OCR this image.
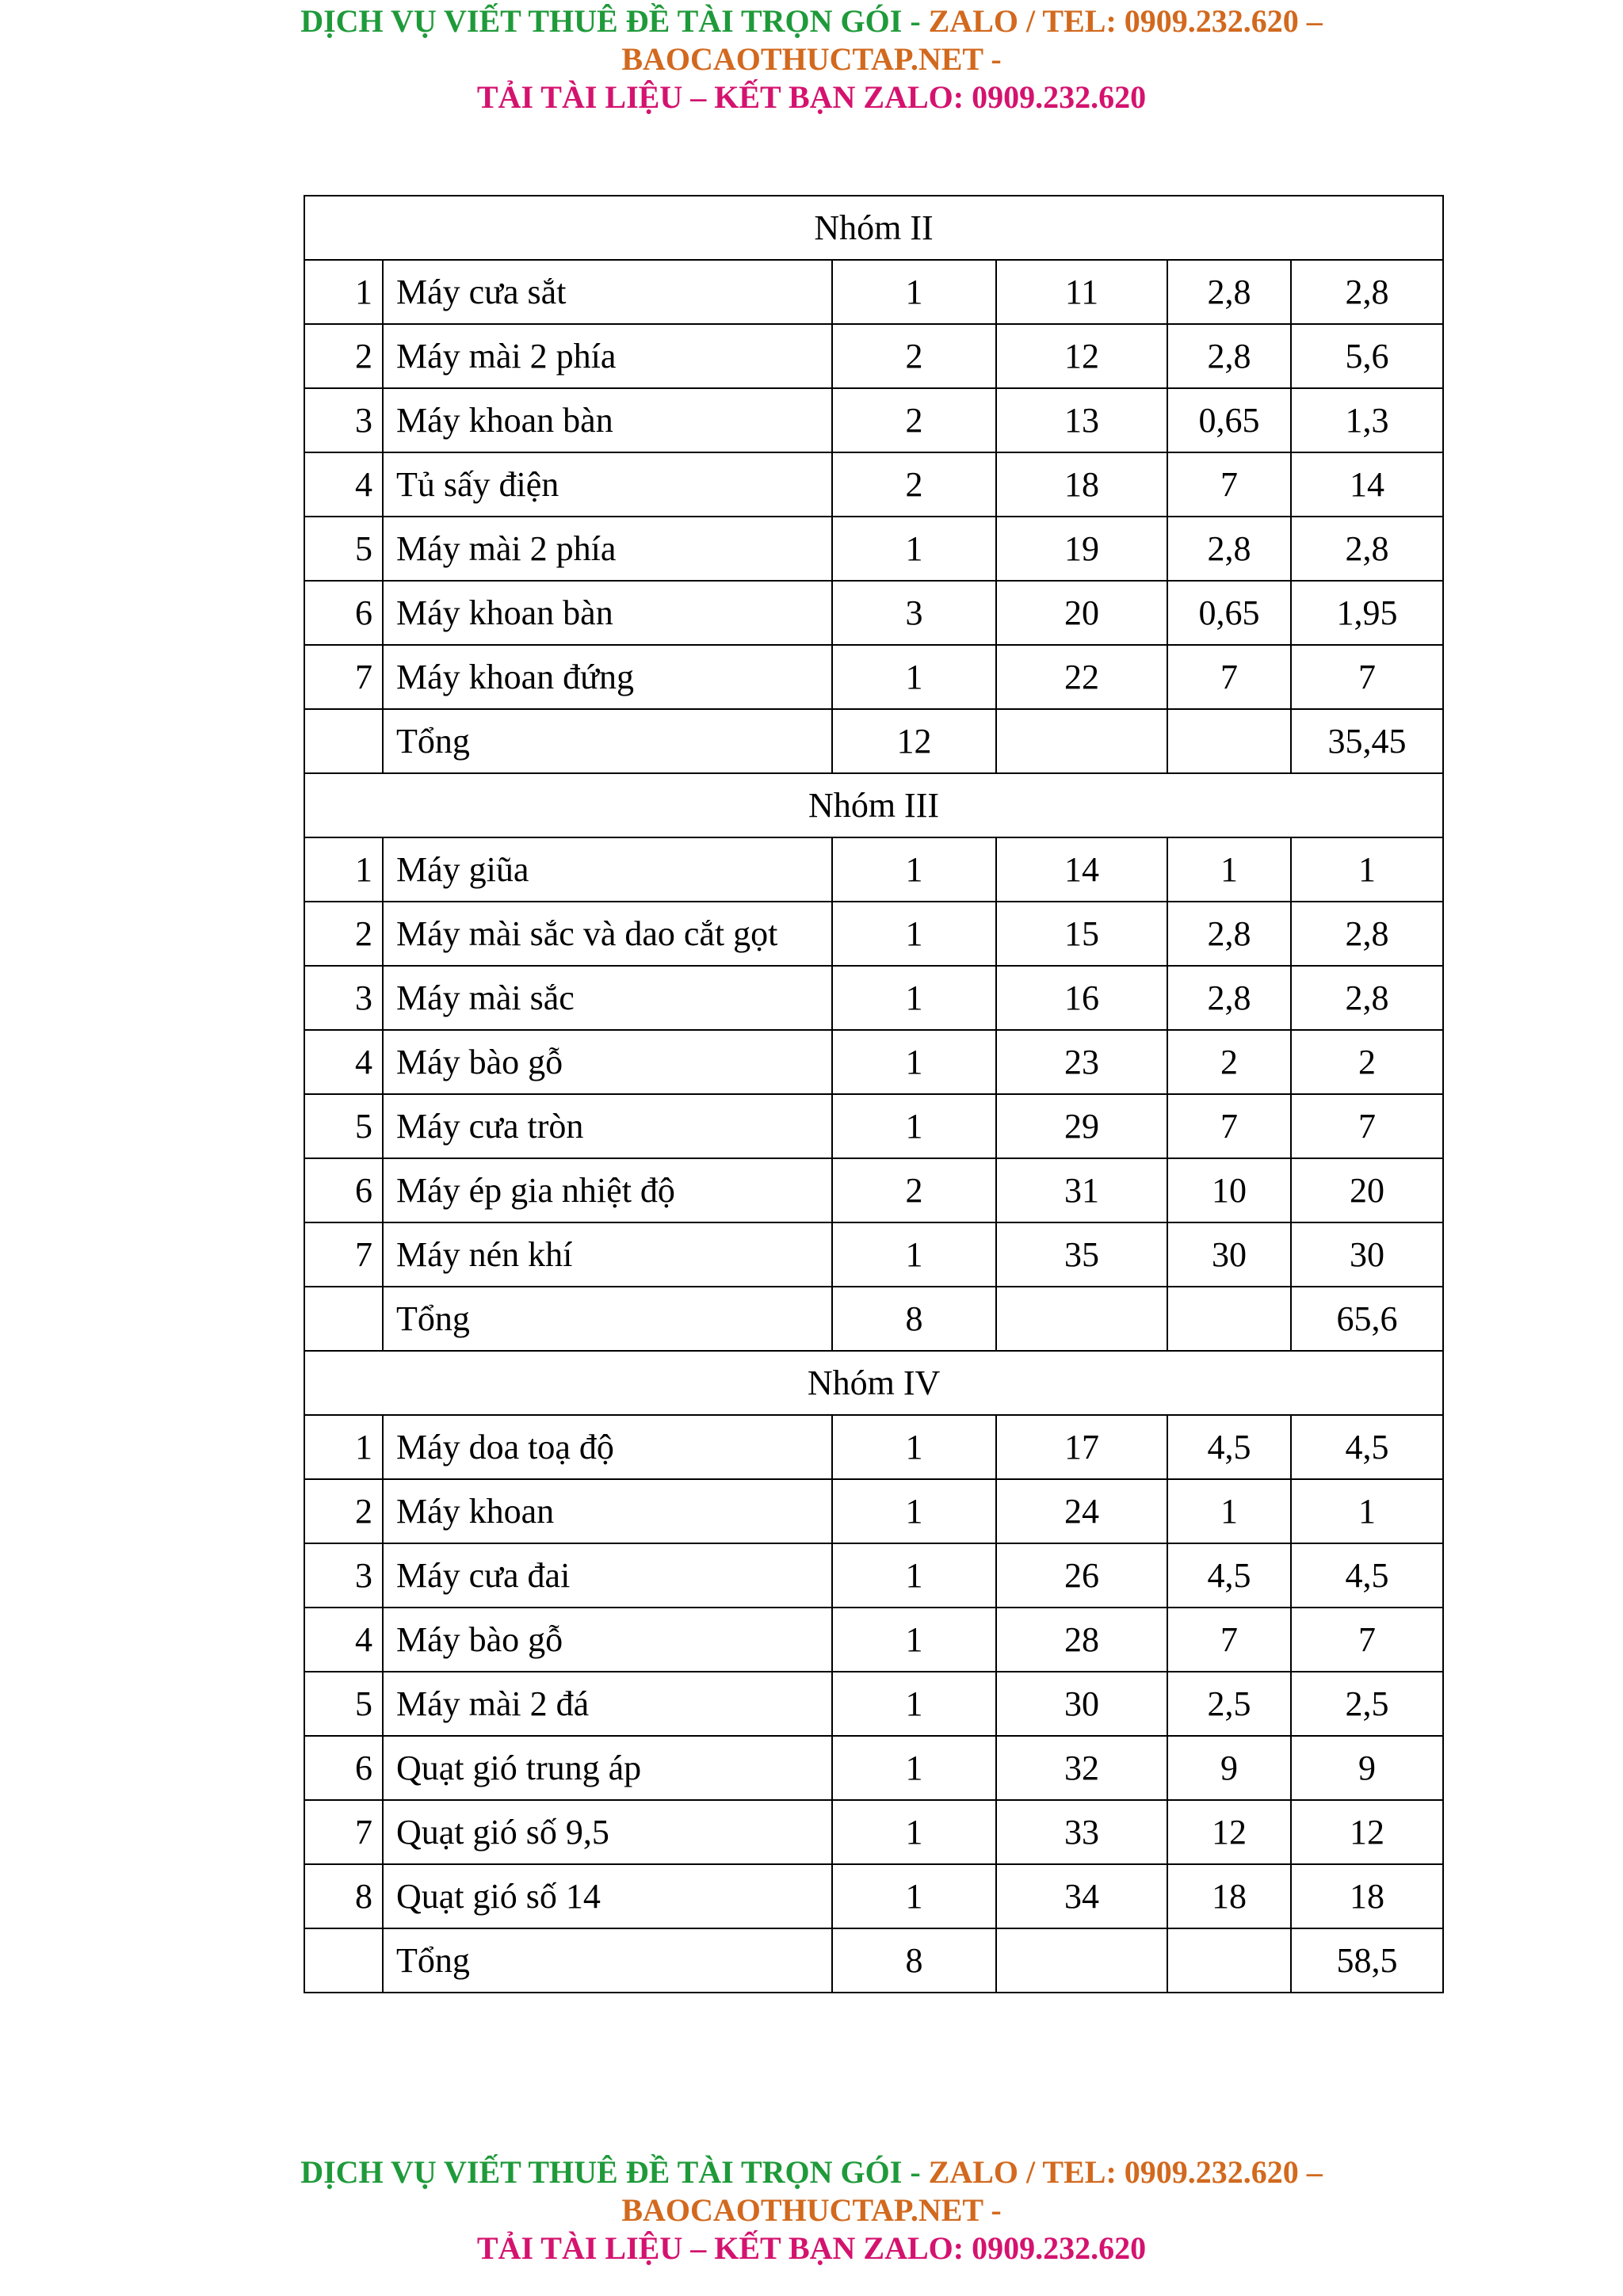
DỊCH VỤ VIẾT THUÊ ĐỀ TÀI TRỌN GÓI - ZALO / TEL: 0909.232.620 –
BAOCAOTHUCTAP.NET -
TẢI TÀI LIỆU – KẾT BẠN ZALO: 0909.232.620
Nhóm II					
1	Máy cưa sắt	1	11	2,8	2,8
2	Máy mài 2 phía	2	12	2,8	5,6
3	Máy khoan bàn	2	13	0,65	1,3
4	Tủ sấy điện	2	18	7	14
5	Máy mài 2 phía	1	19	2,8	2,8
6	Máy khoan bàn	3	20	0,65	1,95
7	Máy khoan đứng	1	22	7	7
	Tổng	12			35,45
Nhóm III					
1	Máy giũa	1	14	1	1
2	Máy mài sắc và dao cắt gọt	1	15	2,8	2,8
3	Máy mài sắc	1	16	2,8	2,8
4	Máy bào gỗ	1	23	2	2
5	Máy cưa tròn	1	29	7	7
6	Máy ép gia nhiệt độ	2	31	10	20
7	Máy nén khí	1	35	30	30
	Tổng	8			65,6
Nhóm IV					
1	Máy doa toạ độ	1	17	4,5	4,5
2	Máy khoan	1	24	1	1
3	Máy cưa đai	1	26	4,5	4,5
4	Máy bào gỗ	1	28	7	7
5	Máy mài 2 đá	1	30	2,5	2,5
6	Quạt gió trung áp	1	32	9	9
7	Quạt gió số 9,5	1	33	12	12
8	Quạt gió số 14	1	34	18	18
	Tổng	8			58,5
DỊCH VỤ VIẾT THUÊ ĐỀ TÀI TRỌN GÓI - ZALO / TEL: 0909.232.620 –
BAOCAOTHUCTAP.NET -
TẢI TÀI LIỆU – KẾT BẠN ZALO: 0909.232.620
